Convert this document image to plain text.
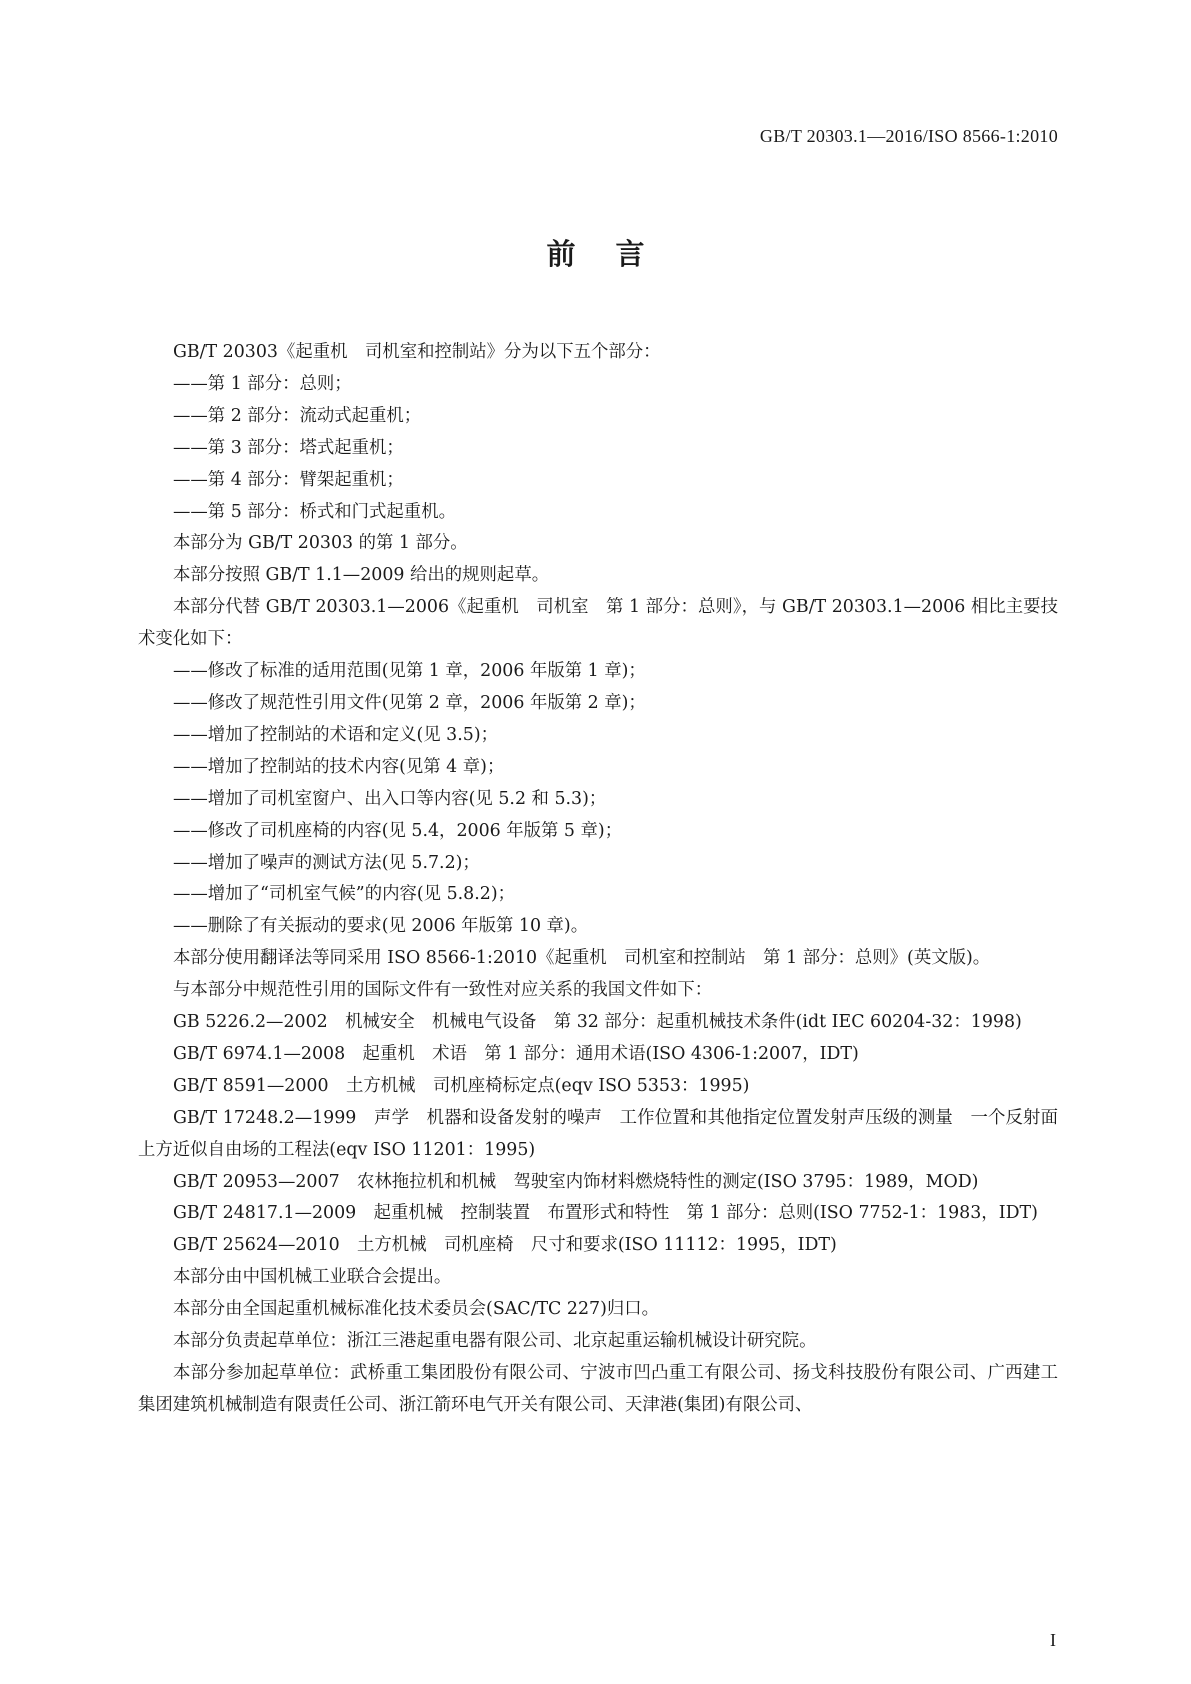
GB/T 20303.1—2016/ISO 8566-1:2010
前言

GB/T 20303《起重机　司机室和控制站》分为以下五个部分：

——第 1 部分：总则；

——第 2 部分：流动式起重机；

——第 3 部分：塔式起重机；

——第 4 部分：臂架起重机；

——第 5 部分：桥式和门式起重机。

本部分为 GB/T 20303 的第 1 部分。

本部分按照 GB/T 1.1—2009 给出的规则起草。

本部分代替 GB/T 20303.1—2006《起重机　司机室　第 1 部分：总则》，与 GB/T 20303.1—2006 相比主要技术变化如下：

——修改了标准的适用范围(见第 1 章，2006 年版第 1 章)；

——修改了规范性引用文件(见第 2 章，2006 年版第 2 章)；

——增加了控制站的术语和定义(见 3.5)；

——增加了控制站的技术内容(见第 4 章)；

——增加了司机室窗户、出入口等内容(见 5.2 和 5.3)；

——修改了司机座椅的内容(见 5.4，2006 年版第 5 章)；

——增加了噪声的测试方法(见 5.7.2)；

——增加了“司机室气候”的内容(见 5.8.2)；

——删除了有关振动的要求(见 2006 年版第 10 章)。

本部分使用翻译法等同采用 ISO 8566-1:2010《起重机　司机室和控制站　第 1 部分：总则》(英文版)。

与本部分中规范性引用的国际文件有一致性对应关系的我国文件如下：

GB 5226.2—2002　机械安全　机械电气设备　第 32 部分：起重机械技术条件(idt IEC 60204-32：1998)

GB/T 6974.1—2008　起重机　术语　第 1 部分：通用术语(ISO 4306-1:2007，IDT)

GB/T 8591—2000　土方机械　司机座椅标定点(eqv ISO 5353：1995)

GB/T 17248.2—1999　声学　机器和设备发射的噪声　工作位置和其他指定位置发射声压级的测量　一个反射面上方近似自由场的工程法(eqv ISO 11201：1995)

GB/T 20953—2007　农林拖拉机和机械　驾驶室内饰材料燃烧特性的测定(ISO 3795：1989，MOD)

GB/T 24817.1—2009　起重机械　控制装置　布置形式和特性　第 1 部分：总则(ISO 7752-1：1983，IDT)

GB/T 25624—2010　土方机械　司机座椅　尺寸和要求(ISO 11112：1995，IDT)

本部分由中国机械工业联合会提出。

本部分由全国起重机械标准化技术委员会(SAC/TC 227)归口。

本部分负责起草单位：浙江三港起重电器有限公司、北京起重运输机械设计研究院。

本部分参加起草单位：武桥重工集团股份有限公司、宁波市凹凸重工有限公司、扬戈科技股份有限公司、广西建工集团建筑机械制造有限责任公司、浙江箭环电气开关有限公司、天津港(集团)有限公司、

I
